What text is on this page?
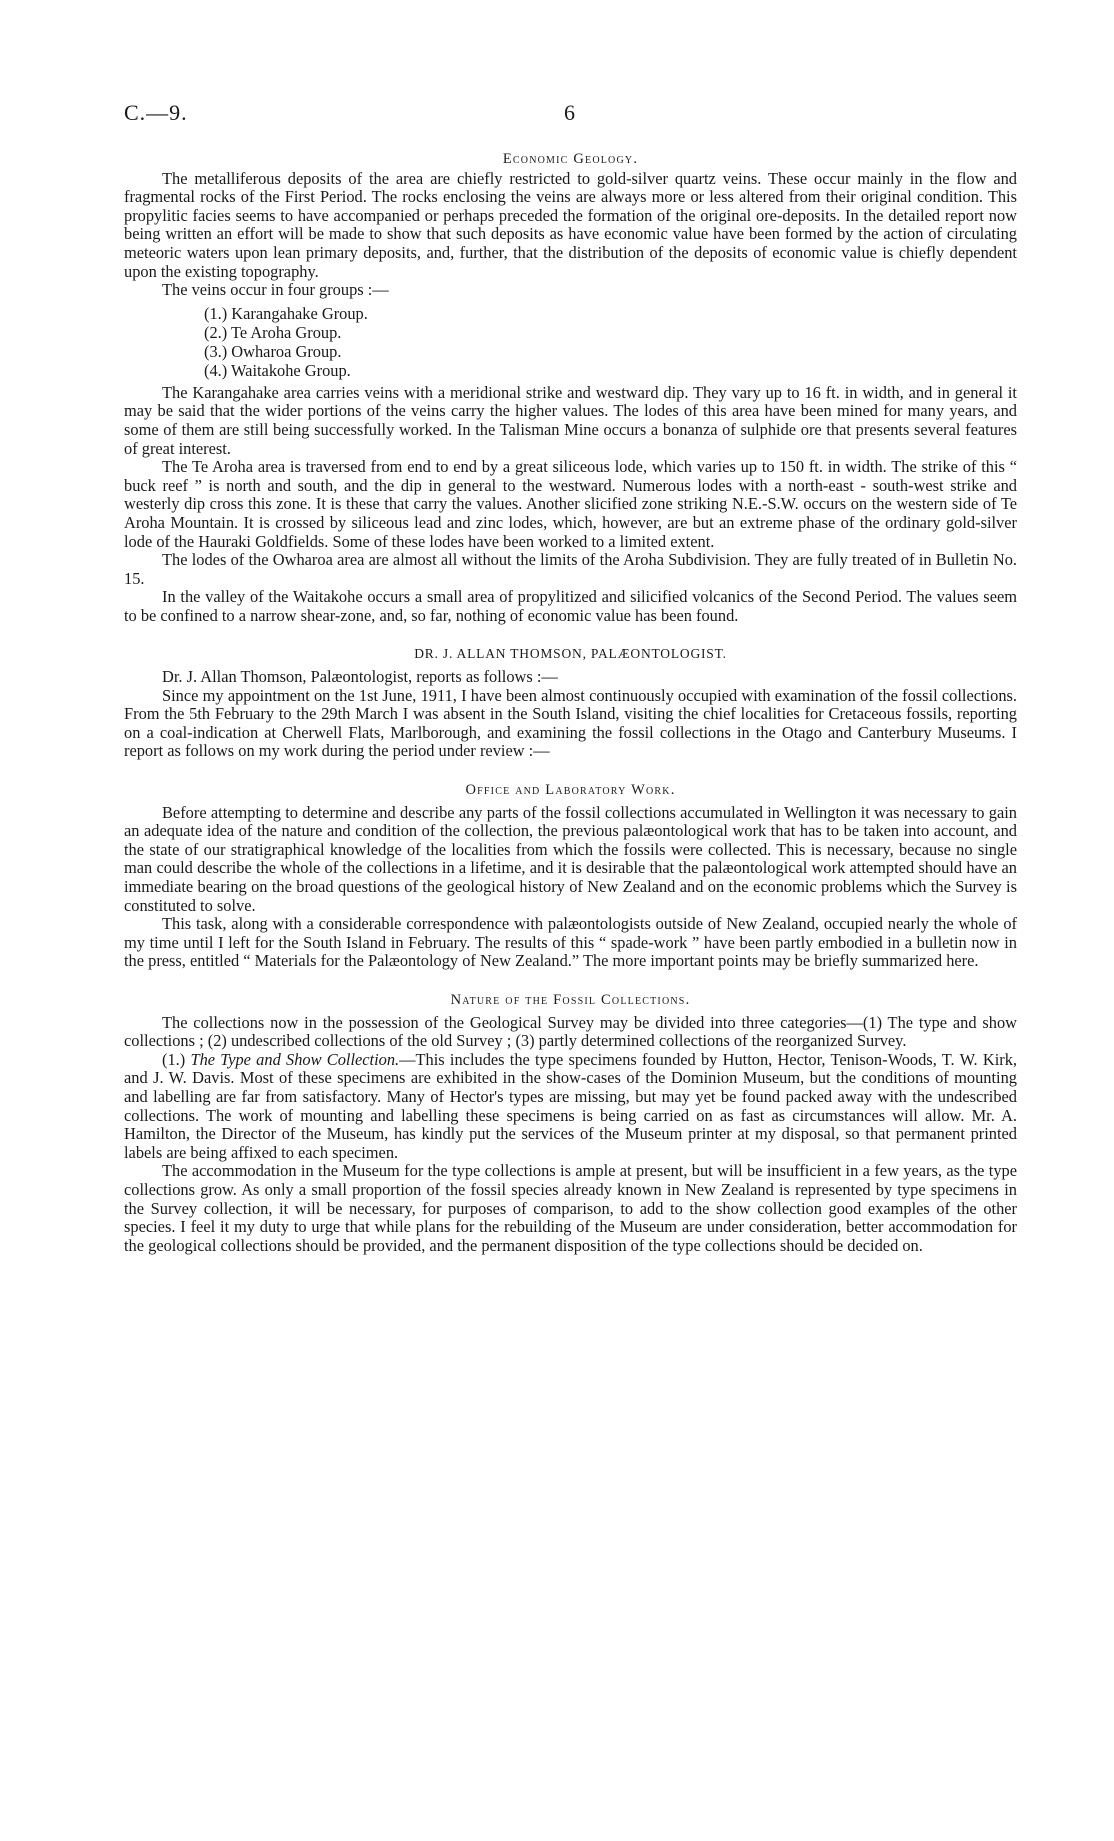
C.—9.	6
Economic Geology.

The metalliferous deposits of the area are chiefly restricted to gold-silver quartz veins. These occur mainly in the flow and fragmental rocks of the First Period. The rocks enclosing the veins are always more or less altered from their original condition. This propylitic facies seems to have accompanied or perhaps preceded the formation of the original ore-deposits. In the detailed report now being written an effort will be made to show that such deposits as have economic value have been formed by the action of circulating meteoric waters upon lean primary deposits, and, further, that the distribution of the deposits of economic value is chiefly dependent upon the existing topography.

The veins occur in four groups :—

(1.) Karangahake Group.
(2.) Te Aroha Group.
(3.) Owharoa Group.
(4.) Waitakohe Group.

The Karangahake area carries veins with a meridional strike and westward dip. They vary up to 16 ft. in width, and in general it may be said that the wider portions of the veins carry the higher values. The lodes of this area have been mined for many years, and some of them are still being successfully worked. In the Talisman Mine occurs a bonanza of sulphide ore that presents several features of great interest.

The Te Aroha area is traversed from end to end by a great siliceous lode, which varies up to 150 ft. in width. The strike of this “ buck reef ” is north and south, and the dip in general to the westward. Numerous lodes with a north-east - south-west strike and westerly dip cross this zone. It is these that carry the values. Another slicified zone striking N.E.-S.W. occurs on the western side of Te Aroha Mountain. It is crossed by siliceous lead and zinc lodes, which, however, are but an extreme phase of the ordinary gold-silver lode of the Hauraki Goldfields. Some of these lodes have been worked to a limited extent.

The lodes of the Owharoa area are almost all without the limits of the Aroha Subdivision. They are fully treated of in Bulletin No. 15.

In the valley of the Waitakohe occurs a small area of propylitized and silicified volcanics of the Second Period. The values seem to be confined to a narrow shear-zone, and, so far, nothing of economic value has been found.

DR. J. ALLAN THOMSON, PALÆONTOLOGIST.

Dr. J. Allan Thomson, Palæontologist, reports as follows :—

Since my appointment on the 1st June, 1911, I have been almost continuously occupied with examination of the fossil collections. From the 5th February to the 29th March I was absent in the South Island, visiting the chief localities for Cretaceous fossils, reporting on a coal-indication at Cherwell Flats, Marlborough, and examining the fossil collections in the Otago and Canterbury Museums. I report as follows on my work during the period under review :—

Office and Laboratory Work.

Before attempting to determine and describe any parts of the fossil collections accumulated in Wellington it was necessary to gain an adequate idea of the nature and condition of the collection, the previous palæontological work that has to be taken into account, and the state of our stratigraphical knowledge of the localities from which the fossils were collected. This is necessary, because no single man could describe the whole of the collections in a lifetime, and it is desirable that the palæontological work attempted should have an immediate bearing on the broad questions of the geological history of New Zealand and on the economic problems which the Survey is constituted to solve.

This task, along with a considerable correspondence with palæontologists outside of New Zealand, occupied nearly the whole of my time until I left for the South Island in February. The results of this “ spade-work ” have been partly embodied in a bulletin now in the press, entitled “ Materials for the Palæontology of New Zealand.” The more important points may be briefly summarized here.

Nature of the Fossil Collections.

The collections now in the possession of the Geological Survey may be divided into three categories—(1) The type and show collections ; (2) undescribed collections of the old Survey ; (3) partly determined collections of the reorganized Survey.

(1.) The Type and Show Collection.—This includes the type specimens founded by Hutton, Hector, Tenison-Woods, T. W. Kirk, and J. W. Davis. Most of these specimens are exhibited in the show-cases of the Dominion Museum, but the conditions of mounting and labelling are far from satisfactory. Many of Hector's types are missing, but may yet be found packed away with the undescribed collections. The work of mounting and labelling these specimens is being carried on as fast as circumstances will allow. Mr. A. Hamilton, the Director of the Museum, has kindly put the services of the Museum printer at my disposal, so that permanent printed labels are being affixed to each specimen.

The accommodation in the Museum for the type collections is ample at present, but will be insufficient in a few years, as the type collections grow. As only a small proportion of the fossil species already known in New Zealand is represented by type specimens in the Survey collection, it will be necessary, for purposes of comparison, to add to the show collection good examples of the other species. I feel it my duty to urge that while plans for the rebuilding of the Museum are under consideration, better accommodation for the geological collections should be provided, and the permanent disposition of the type collections should be decided on.
